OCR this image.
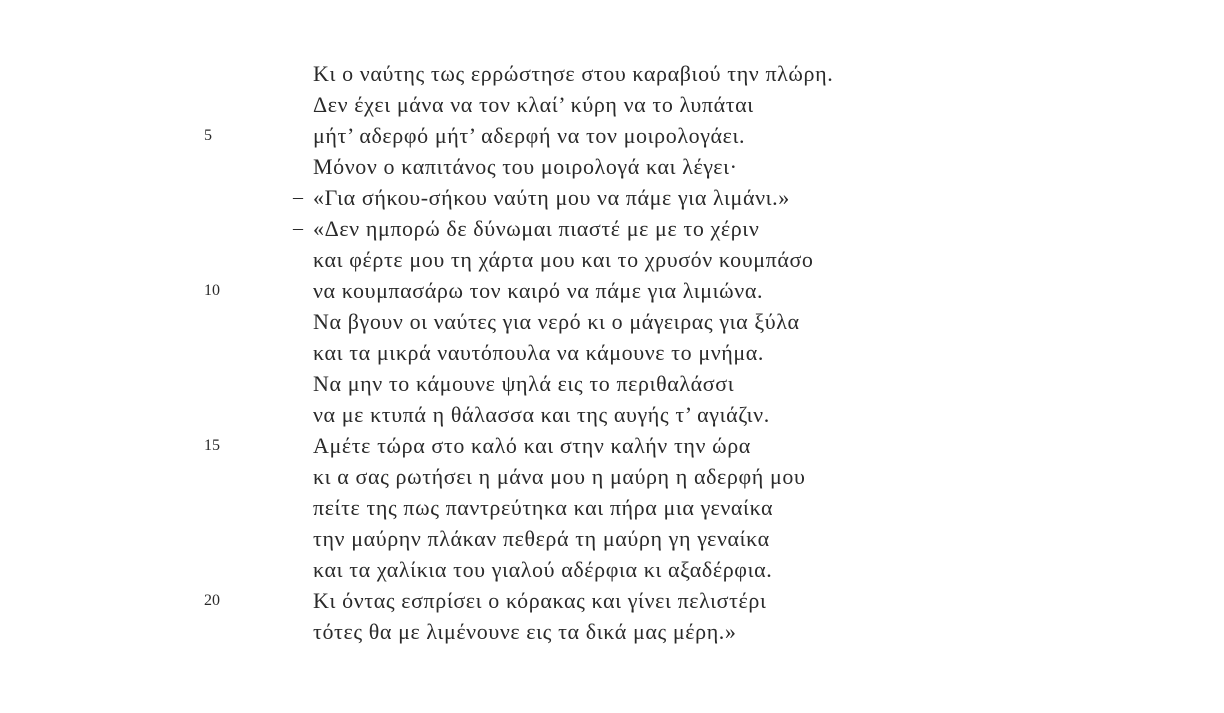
Κι ο ναύτης τως ερρώστησε στου καραβιού την πλώρη.
Δεν έχει μάνα να τον κλαί’ κύρη να το λυπάται
5	μήτ’ αδερφό μήτ’ αδερφή να τον μοιρολογάει.
Μόνον ο καπιτάνος του μοιρολογά και λέγει·
– «Για σήκου-σήκου ναύτη μου να πάμε για λιμάνι.»
– «Δεν ημπορώ δε δύνωμαι πιαστέ με με το χέριν
και φέρτε μου τη χάρτα μου και το χρυσόν κουμπάσο
10	να κουμπασάρω τον καιρό να πάμε για λιμιώνα.
Να βγουν οι ναύτες για νερό κι ο μάγειρας για ξύλα
και τα μικρά ναυτόπουλα να κάμουνε το μνήμα.
Να μην το κάμουνε ψηλά εις το περιθαλάσσι
να με κτυπά η θάλασσα και της αυγής τ’ αγιάζιν.
15	Αμέτε τώρα στο καλό και στην καλήν την ώρα
κι α σας ρωτήσει η μάνα μου η μαύρη η αδερφή μου
πείτε της πως παντρεύτηκα και πήρα μια γεναίκα
την μαύρην πλάκαν πεθερά τη μαύρη γη γεναίκα
και τα χαλίκια του γιαλού αδέρφια κι αξαδέρφια.
20	Κι όντας εσπρίσει ο κόρακας και γίνει πελιστέρι
τότες θα με λιμένουνε εις τα δικά μας μέρη.»
